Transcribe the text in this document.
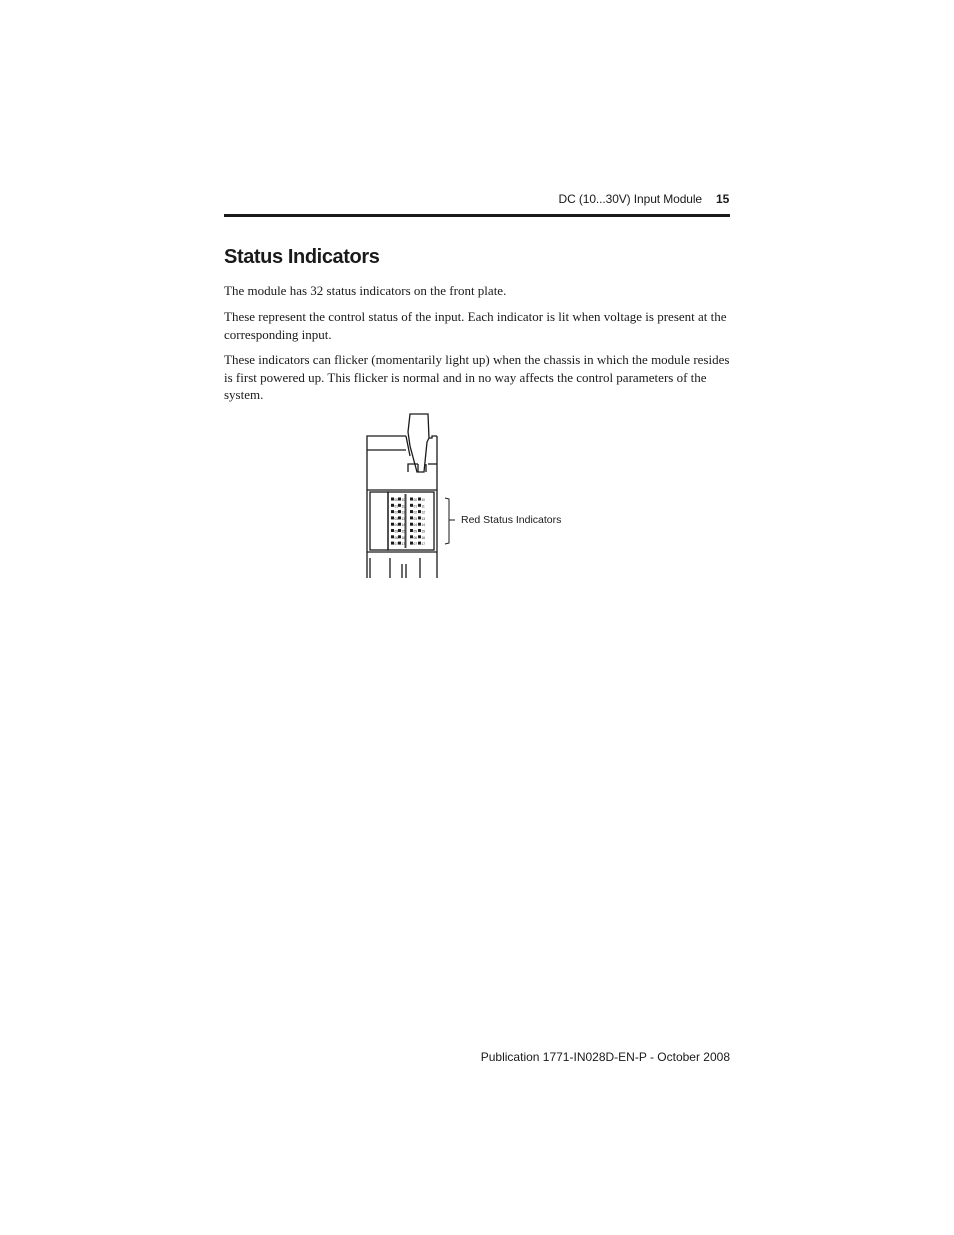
DC (10...30V) Input Module 15
Status Indicators

The module has 32 status indicators on the front plate.

These represent the control status of the input. Each indicator is lit when voltage is present at the corresponding input.

These indicators can flicker (momentarily light up) when the chassis in which the module resides is first powered up. This flicker is normal and in no way affects the control parameters of the system.

00 10	00 10
01 11	01 11
02 12	02 12
03 13	03 13
04 14	04 14
05 15	05 15
06 16	06 16
07 17	07 17
Red Status Indicators
Publication 1771-IN028D-EN-P - October 2008
